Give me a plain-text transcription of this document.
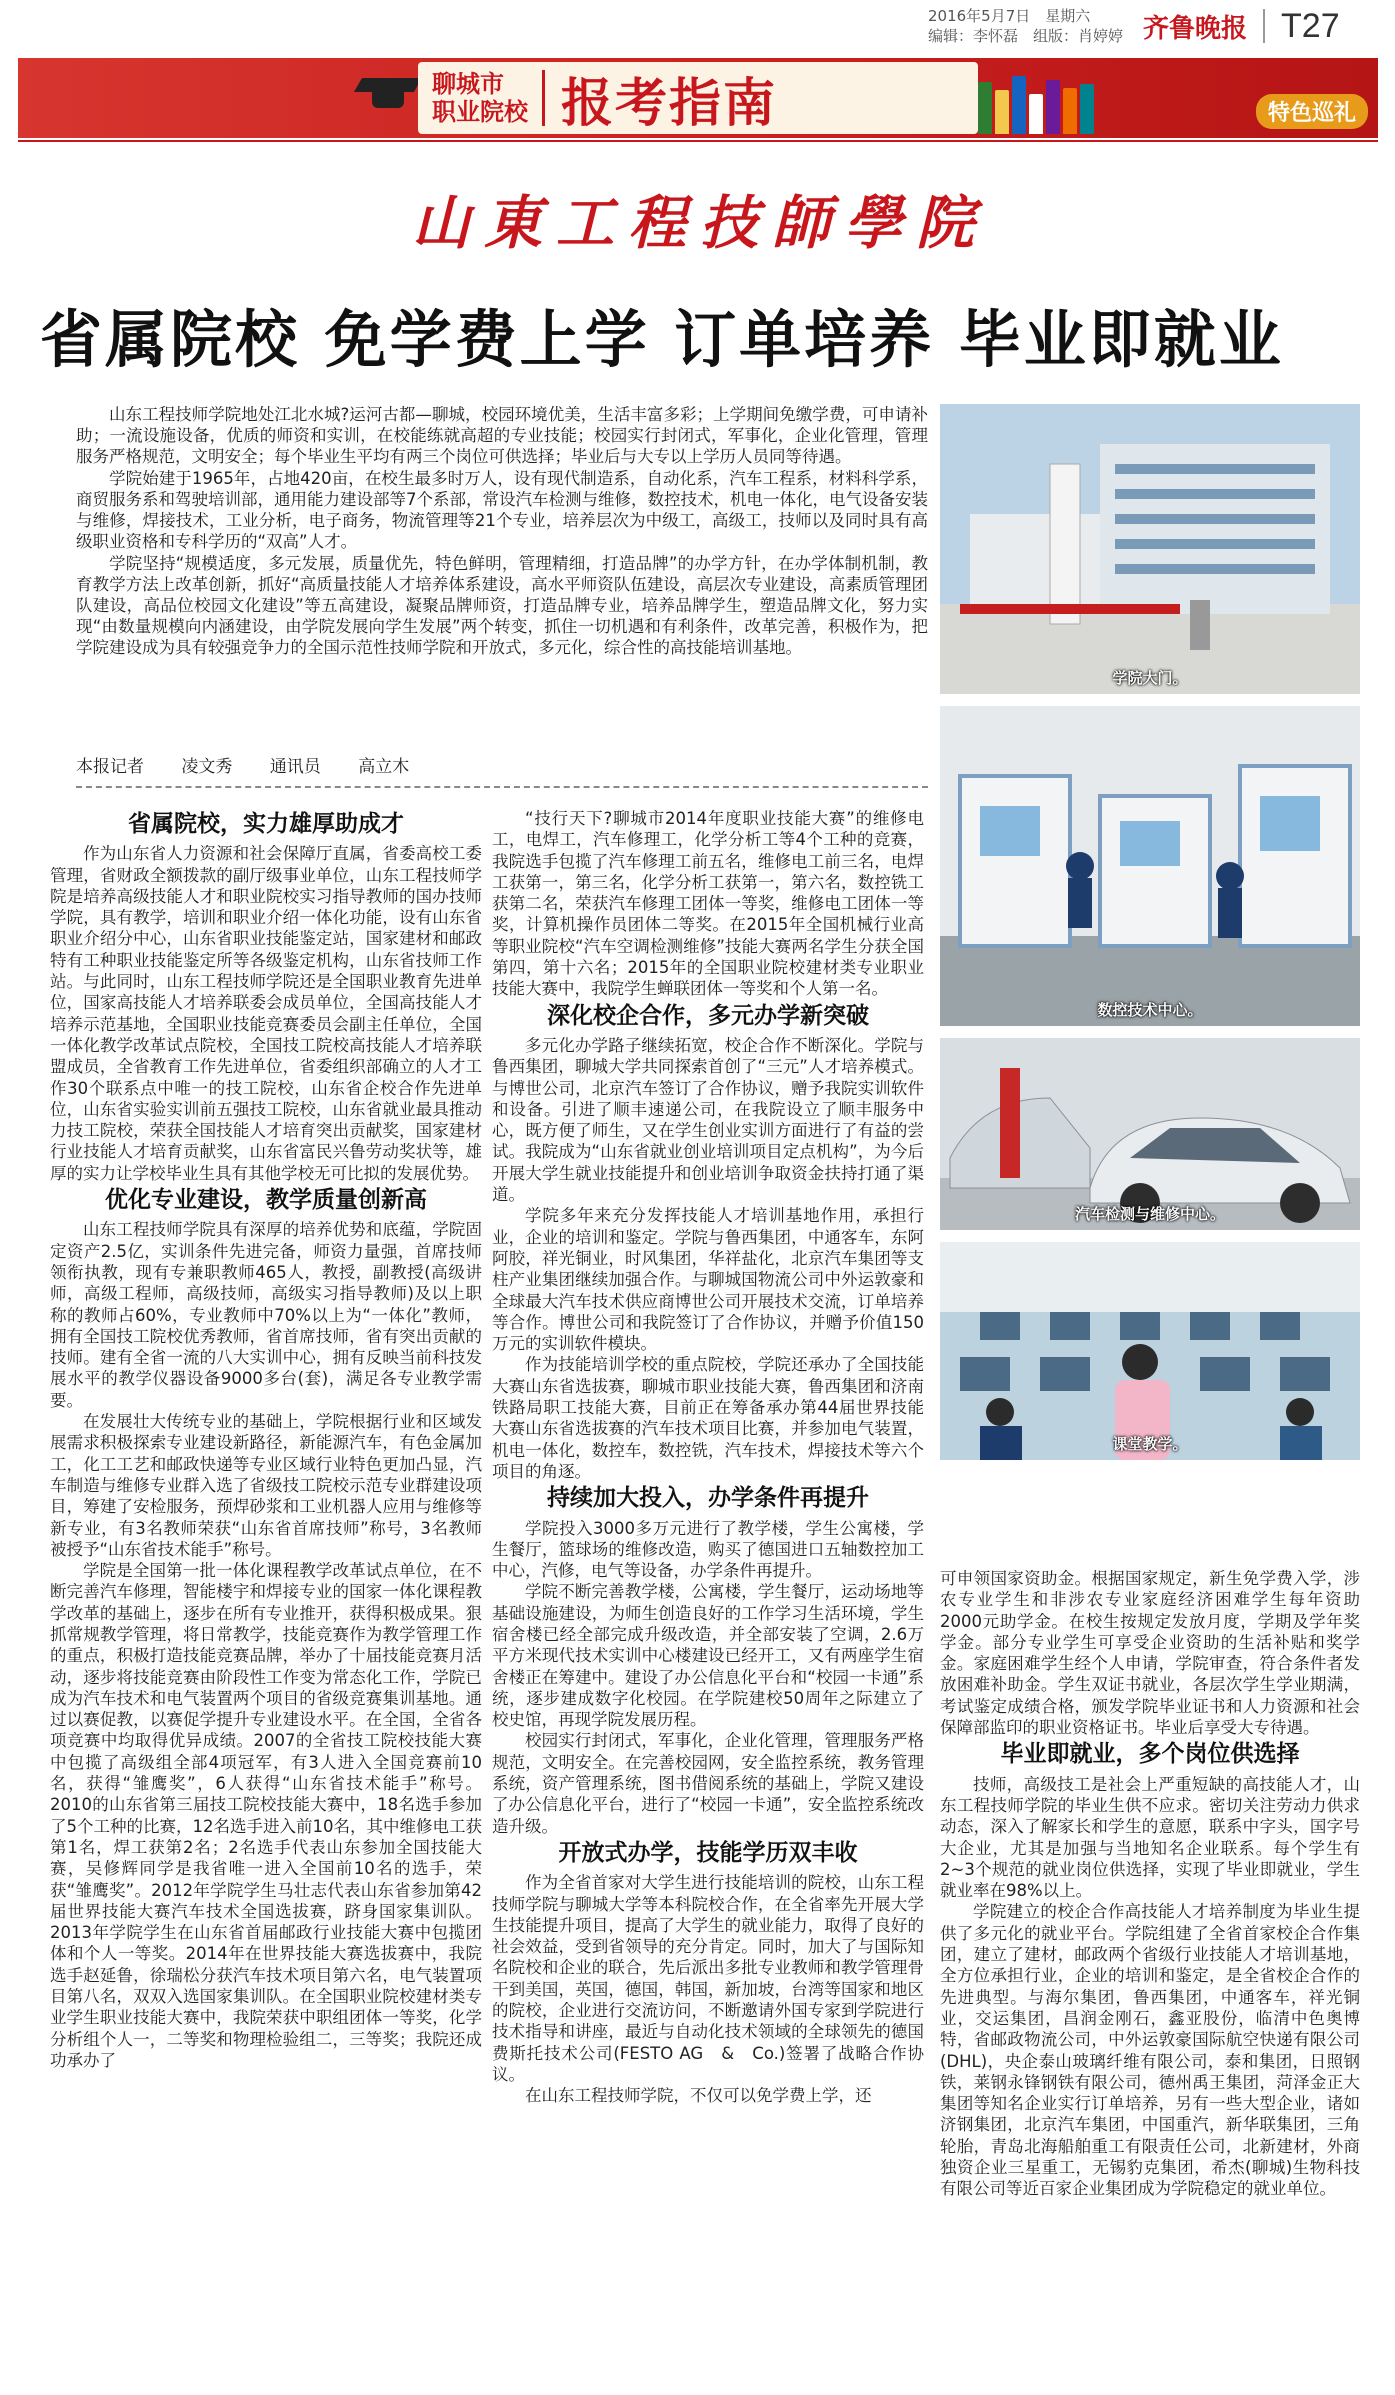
2016年5月7日　星期六
编辑：李怀磊　组版：肖婷婷 齐鲁晚报 T27
聊城市
职业院校 报考指南	特色巡礼
山東工程技師學院
省属院校 免学费上学 订单培养 毕业即就业

山东工程技师学院地处江北水城?运河古都—聊城，校园环境优美，生活丰富多彩；上学期间免缴学费，可申请补助；一流设施设备，优质的师资和实训，在校能练就高超的专业技能；校园实行封闭式，军事化，企业化管理，管理服务严格规范，文明安全；每个毕业生平均有两三个岗位可供选择；毕业后与大专以上学历人员同等待遇。

学院始建于1965年，占地420亩，在校生最多时万人，设有现代制造系，自动化系，汽车工程系，材料科学系，商贸服务系和驾驶培训部，通用能力建设部等7个系部，常设汽车检测与维修，数控技术，机电一体化，电气设备安装与维修，焊接技术，工业分析，电子商务，物流管理等21个专业，培养层次为中级工，高级工，技师以及同时具有高级职业资格和专科学历的“双高”人才。

学院坚持“规模适度，多元发展，质量优先，特色鲜明，管理精细，打造品牌”的办学方针，在办学体制机制，教育教学方法上改革创新，抓好“高质量技能人才培养体系建设，高水平师资队伍建设，高层次专业建设，高素质管理团队建设，高品位校园文化建设”等五高建设，凝聚品牌师资，打造品牌专业，培养品牌学生，塑造品牌文化，努力实现“由数量规模向内涵建设，由学院发展向学生发展”两个转变，抓住一切机遇和有利条件，改革完善，积极作为，把学院建设成为具有较强竞争力的全国示范性技师学院和开放式，多元化，综合性的高技能培训基地。

本报记者 凌文秀 通讯员 高立木
学院大门。
数控技术中心。
汽车检测与维修中心。
课堂教学。
省属院校，实力雄厚助成才

作为山东省人力资源和社会保障厅直属，省委高校工委管理，省财政全额拨款的副厅级事业单位，山东工程技师学院是培养高级技能人才和职业院校实习指导教师的国办技师学院，具有教学，培训和职业介绍一体化功能，设有山东省职业介绍分中心，山东省职业技能鉴定站，国家建材和邮政特有工种职业技能鉴定所等各级鉴定机构，山东省技师工作站。与此同时，山东工程技师学院还是全国职业教育先进单位，国家高技能人才培养联委会成员单位，全国高技能人才培养示范基地，全国职业技能竞赛委员会副主任单位，全国一体化教学改革试点院校，全国技工院校高技能人才培养联盟成员，全省教育工作先进单位，省委组织部确立的人才工作30个联系点中唯一的技工院校，山东省企校合作先进单位，山东省实验实训前五强技工院校，山东省就业最具推动力技工院校，荣获全国技能人才培育突出贡献奖，国家建材行业技能人才培育贡献奖，山东省富民兴鲁劳动奖状等，雄厚的实力让学校毕业生具有其他学校无可比拟的发展优势。

优化专业建设，教学质量创新高

山东工程技师学院具有深厚的培养优势和底蕴，学院固定资产2.5亿，实训条件先进完备，师资力量强，首席技师领衔执教，现有专兼职教师465人，教授，副教授(高级讲师，高级工程师，高级技师，高级实习指导教师)及以上职称的教师占60%，专业教师中70%以上为“一体化”教师，拥有全国技工院校优秀教师，省首席技师，省有突出贡献的技师。建有全省一流的八大实训中心，拥有反映当前科技发展水平的教学仪器设备9000多台(套)，满足各专业教学需要。

在发展壮大传统专业的基础上，学院根据行业和区域发展需求积极探索专业建设新路径，新能源汽车，有色金属加工，化工工艺和邮政快递等专业区域行业特色更加凸显，汽车制造与维修专业群入选了省级技工院校示范专业群建设项目，筹建了安检服务，预焊砂浆和工业机器人应用与维修等新专业，有3名教师荣获“山东省首席技师”称号，3名教师被授予“山东省技术能手”称号。

学院是全国第一批一体化课程教学改革试点单位，在不断完善汽车修理，智能楼宇和焊接专业的国家一体化课程教学改革的基础上，逐步在所有专业推开，获得积极成果。狠抓常规教学管理，将日常教学，技能竞赛作为教学管理工作的重点，积极打造技能竞赛品牌，举办了十届技能竞赛月活动，逐步将技能竞赛由阶段性工作变为常态化工作，学院已成为汽车技术和电气装置两个项目的省级竞赛集训基地。通过以赛促教，以赛促学提升专业建设水平。在全国，全省各项竞赛中均取得优异成绩。2007的全省技工院校技能大赛中包揽了高级组全部4项冠军，有3人进入全国竞赛前10名，获得“雏鹰奖”，6人获得“山东省技术能手”称号。2010的山东省第三届技工院校技能大赛中，18名选手参加了5个工种的比赛，12名选手进入前10名，其中维修电工获第1名，焊工获第2名；2名选手代表山东参加全国技能大赛，吴修辉同学是我省唯一进入全国前10名的选手，荣获“雏鹰奖”。2012年学院学生马壮志代表山东省参加第42届世界技能大赛汽车技术全国选拔赛，跻身国家集训队。2013年学院学生在山东省首届邮政行业技能大赛中包揽团体和个人一等奖。2014年在世界技能大赛选拔赛中，我院选手赵延鲁，徐瑞松分获汽车技术项目第六名，电气装置项目第八名，双双入选国家集训队。在全国职业院校建材类专业学生职业技能大赛中，我院荣获中职组团体一等奖，化学分析组个人一，二等奖和物理检验组二，三等奖；我院还成功承办了

“技行天下?聊城市2014年度职业技能大赛”的维修电工，电焊工，汽车修理工，化学分析工等4个工种的竞赛，我院选手包揽了汽车修理工前五名，维修电工前三名，电焊工获第一，第三名，化学分析工获第一，第六名，数控铣工获第二名，荣获汽车修理工团体一等奖，维修电工团体一等奖，计算机操作员团体二等奖。在2015年全国机械行业高等职业院校“汽车空调检测维修”技能大赛两名学生分获全国第四，第十六名；2015年的全国职业院校建材类专业职业技能大赛中，我院学生蝉联团体一等奖和个人第一名。

深化校企合作，多元办学新突破

多元化办学路子继续拓宽，校企合作不断深化。学院与鲁西集团，聊城大学共同探索首创了“三元”人才培养模式。与博世公司，北京汽车签订了合作协议，赠予我院实训软件和设备。引进了顺丰速递公司，在我院设立了顺丰服务中心，既方便了师生，又在学生创业实训方面进行了有益的尝试。我院成为“山东省就业创业培训项目定点机构”，为今后开展大学生就业技能提升和创业培训争取资金扶持打通了渠道。

学院多年来充分发挥技能人才培训基地作用，承担行业，企业的培训和鉴定。学院与鲁西集团，中通客车，东阿阿胶，祥光铜业，时风集团，华祥盐化，北京汽车集团等支柱产业集团继续加强合作。与聊城国物流公司中外运敦豪和全球最大汽车技术供应商博世公司开展技术交流，订单培养等合作。博世公司和我院签订了合作协议，并赠予价值150万元的实训软件模块。

作为技能培训学校的重点院校，学院还承办了全国技能大赛山东省选拔赛，聊城市职业技能大赛，鲁西集团和济南铁路局职工技能大赛，目前正在筹备承办第44届世界技能大赛山东省选拔赛的汽车技术项目比赛，并参加电气装置，机电一体化，数控车，数控铣，汽车技术，焊接技术等六个项目的角逐。

持续加大投入，办学条件再提升

学院投入3000多万元进行了教学楼，学生公寓楼，学生餐厅，篮球场的维修改造，购买了德国进口五轴数控加工中心，汽修，电气等设备，办学条件再提升。

学院不断完善教学楼，公寓楼，学生餐厅，运动场地等基础设施建设，为师生创造良好的工作学习生活环境，学生宿舍楼已经全部完成升级改造，并全部安装了空调，2.6万平方米现代技术实训中心楼建设已经开工，又有两座学生宿舍楼正在筹建中。建设了办公信息化平台和“校园一卡通”系统，逐步建成数字化校园。在学院建校50周年之际建立了校史馆，再现学院发展历程。

校园实行封闭式，军事化，企业化管理，管理服务严格规范，文明安全。在完善校园网，安全监控系统，教务管理系统，资产管理系统，图书借阅系统的基础上，学院又建设了办公信息化平台，进行了“校园一卡通”，安全监控系统改造升级。

开放式办学，技能学历双丰收

作为全省首家对大学生进行技能培训的院校，山东工程技师学院与聊城大学等本科院校合作，在全省率先开展大学生技能提升项目，提高了大学生的就业能力，取得了良好的社会效益，受到省领导的充分肯定。同时，加大了与国际知名院校和企业的联合，先后派出多批专业教师和教学管理骨干到美国，英国，德国，韩国，新加坡，台湾等国家和地区的院校，企业进行交流访问，不断邀请外国专家到学院进行技术指导和讲座，最近与自动化技术领域的全球领先的德国费斯托技术公司(FESTO AG　&　Co.)签署了战略合作协议。

在山东工程技师学院，不仅可以免学费上学，还

可申领国家资助金。根据国家规定，新生免学费入学，涉农专业学生和非涉农专业家庭经济困难学生每年资助2000元助学金。在校生按规定发放月度，学期及学年奖学金。部分专业学生可享受企业资助的生活补贴和奖学金。家庭困难学生经个人申请，学院审查，符合条件者发放困难补助金。学生双证书就业，各层次学生学业期满，考试鉴定成绩合格，颁发学院毕业证书和人力资源和社会保障部监印的职业资格证书。毕业后享受大专待遇。

毕业即就业，多个岗位供选择

技师，高级技工是社会上严重短缺的高技能人才，山东工程技师学院的毕业生供不应求。密切关注劳动力供求动态，深入了解家长和学生的意愿，联系中字头，国字号大企业，尤其是加强与当地知名企业联系。每个学生有2~3个规范的就业岗位供选择，实现了毕业即就业，学生就业率在98%以上。

学院建立的校企合作高技能人才培养制度为毕业生提供了多元化的就业平台。学院组建了全省首家校企合作集团，建立了建材，邮政两个省级行业技能人才培训基地，全方位承担行业，企业的培训和鉴定，是全省校企合作的先进典型。与海尔集团，鲁西集团，中通客车，祥光铜业，交运集团，昌润金刚石，鑫亚股份，临清中色奥博特，省邮政物流公司，中外运敦豪国际航空快递有限公司(DHL)，央企泰山玻璃纤维有限公司，泰和集团，日照钢铁，莱钢永锋钢铁有限公司，德州禹王集团，菏泽金正大集团等知名企业实行订单培养，另有一些大型企业，诸如济钢集团，北京汽车集团，中国重汽，新华联集团，三角轮胎，青岛北海船舶重工有限责任公司，北新建材，外商独资企业三星重工，无锡豹克集团，希杰(聊城)生物科技有限公司等近百家企业集团成为学院稳定的就业单位。
